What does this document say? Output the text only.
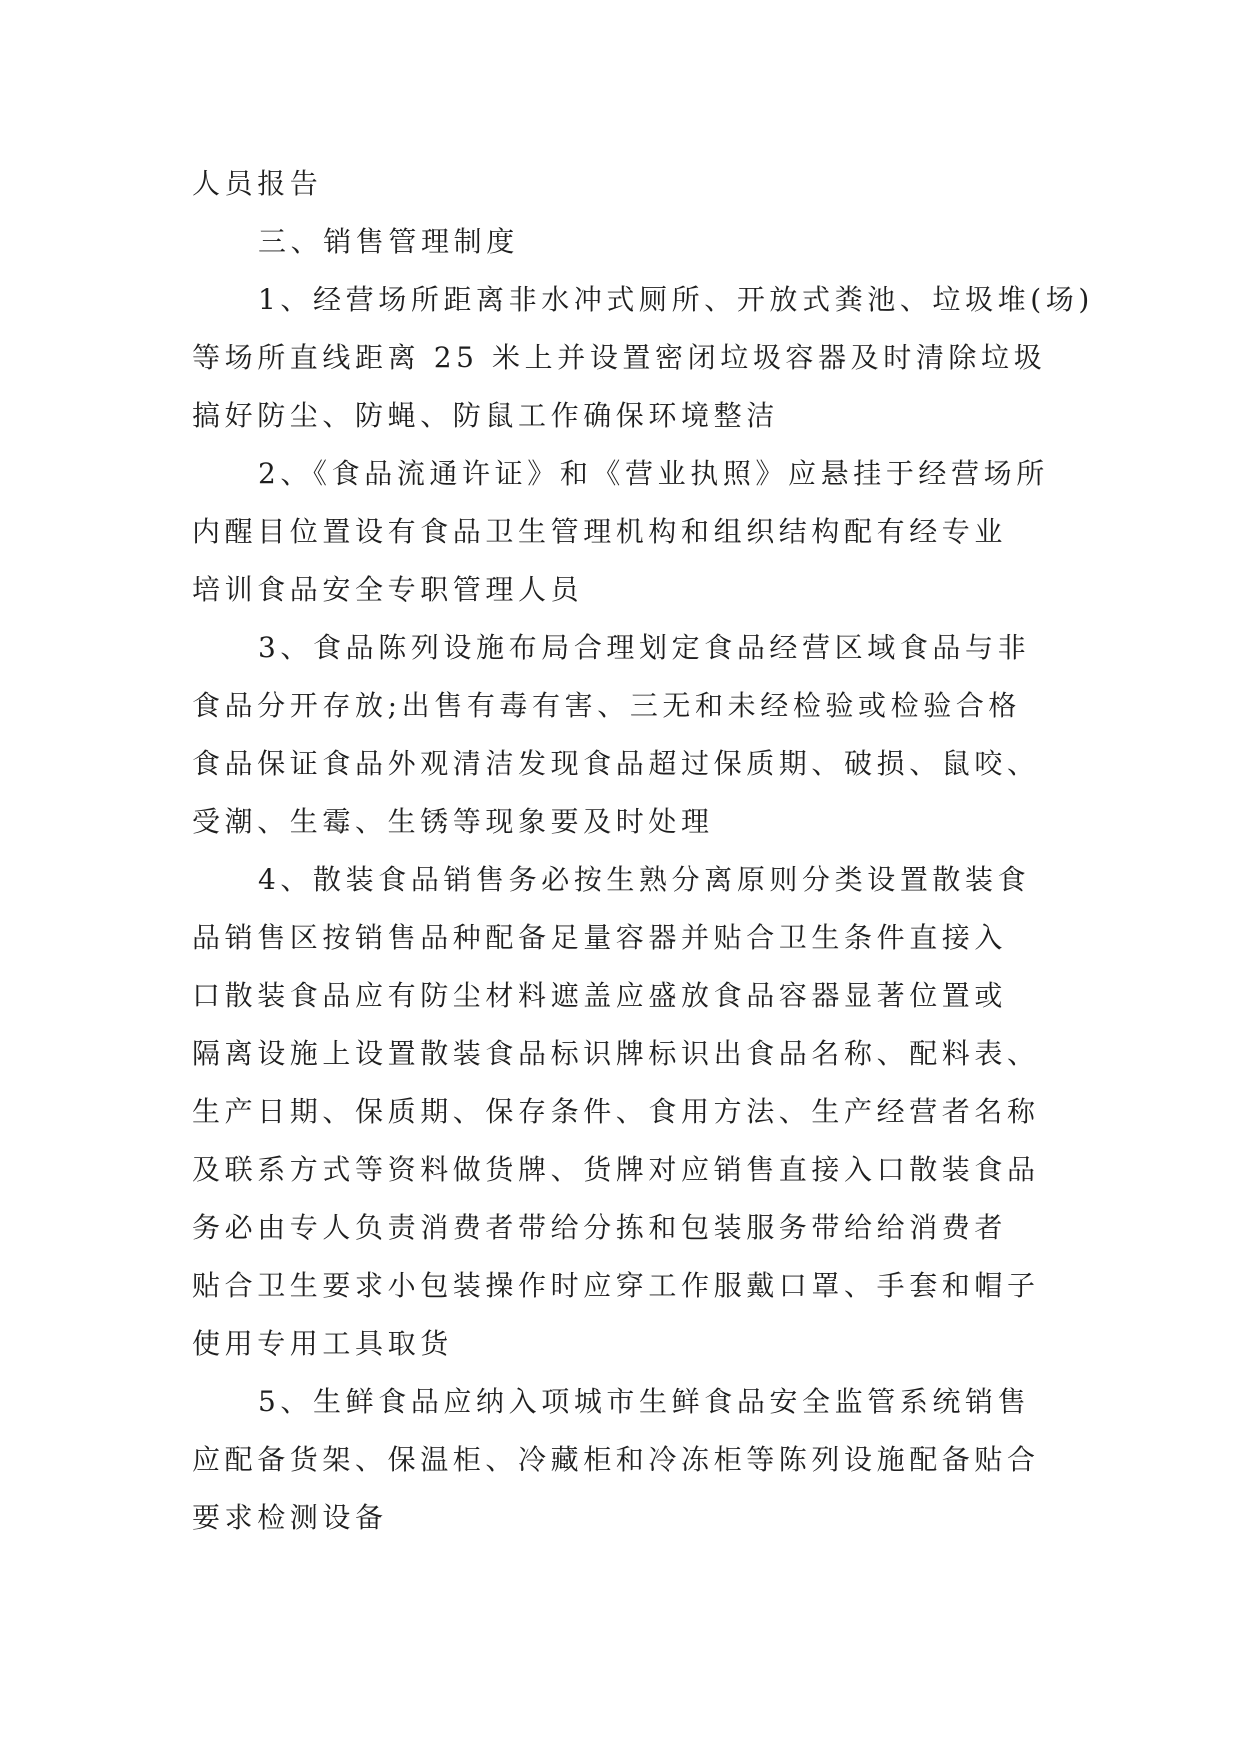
人员报告
三、销售管理制度
1、经营场所距离非水冲式厕所、开放式粪池、垃圾堆(场)
等场所直线距离 25 米上并设置密闭垃圾容器及时清除垃圾
搞好防尘、防蝇、防鼠工作确保环境整洁
2、《食品流通许证》和《营业执照》应悬挂于经营场所
内醒目位置设有食品卫生管理机构和组织结构配有经专业
培训食品安全专职管理人员
3、食品陈列设施布局合理划定食品经营区域食品与非
食品分开存放;出售有毒有害、三无和未经检验或检验合格
食品保证食品外观清洁发现食品超过保质期、破损、鼠咬、
受潮、生霉、生锈等现象要及时处理
4、散装食品销售务必按生熟分离原则分类设置散装食
品销售区按销售品种配备足量容器并贴合卫生条件直接入
口散装食品应有防尘材料遮盖应盛放食品容器显著位置或
隔离设施上设置散装食品标识牌标识出食品名称、配料表、
生产日期、保质期、保存条件、食用方法、生产经营者名称
及联系方式等资料做货牌、货牌对应销售直接入口散装食品
务必由专人负责消费者带给分拣和包装服务带给给消费者
贴合卫生要求小包装操作时应穿工作服戴口罩、手套和帽子
使用专用工具取货
5、生鲜食品应纳入项城市生鲜食品安全监管系统销售
应配备货架、保温柜、冷藏柜和冷冻柜等陈列设施配备贴合
要求检测设备
